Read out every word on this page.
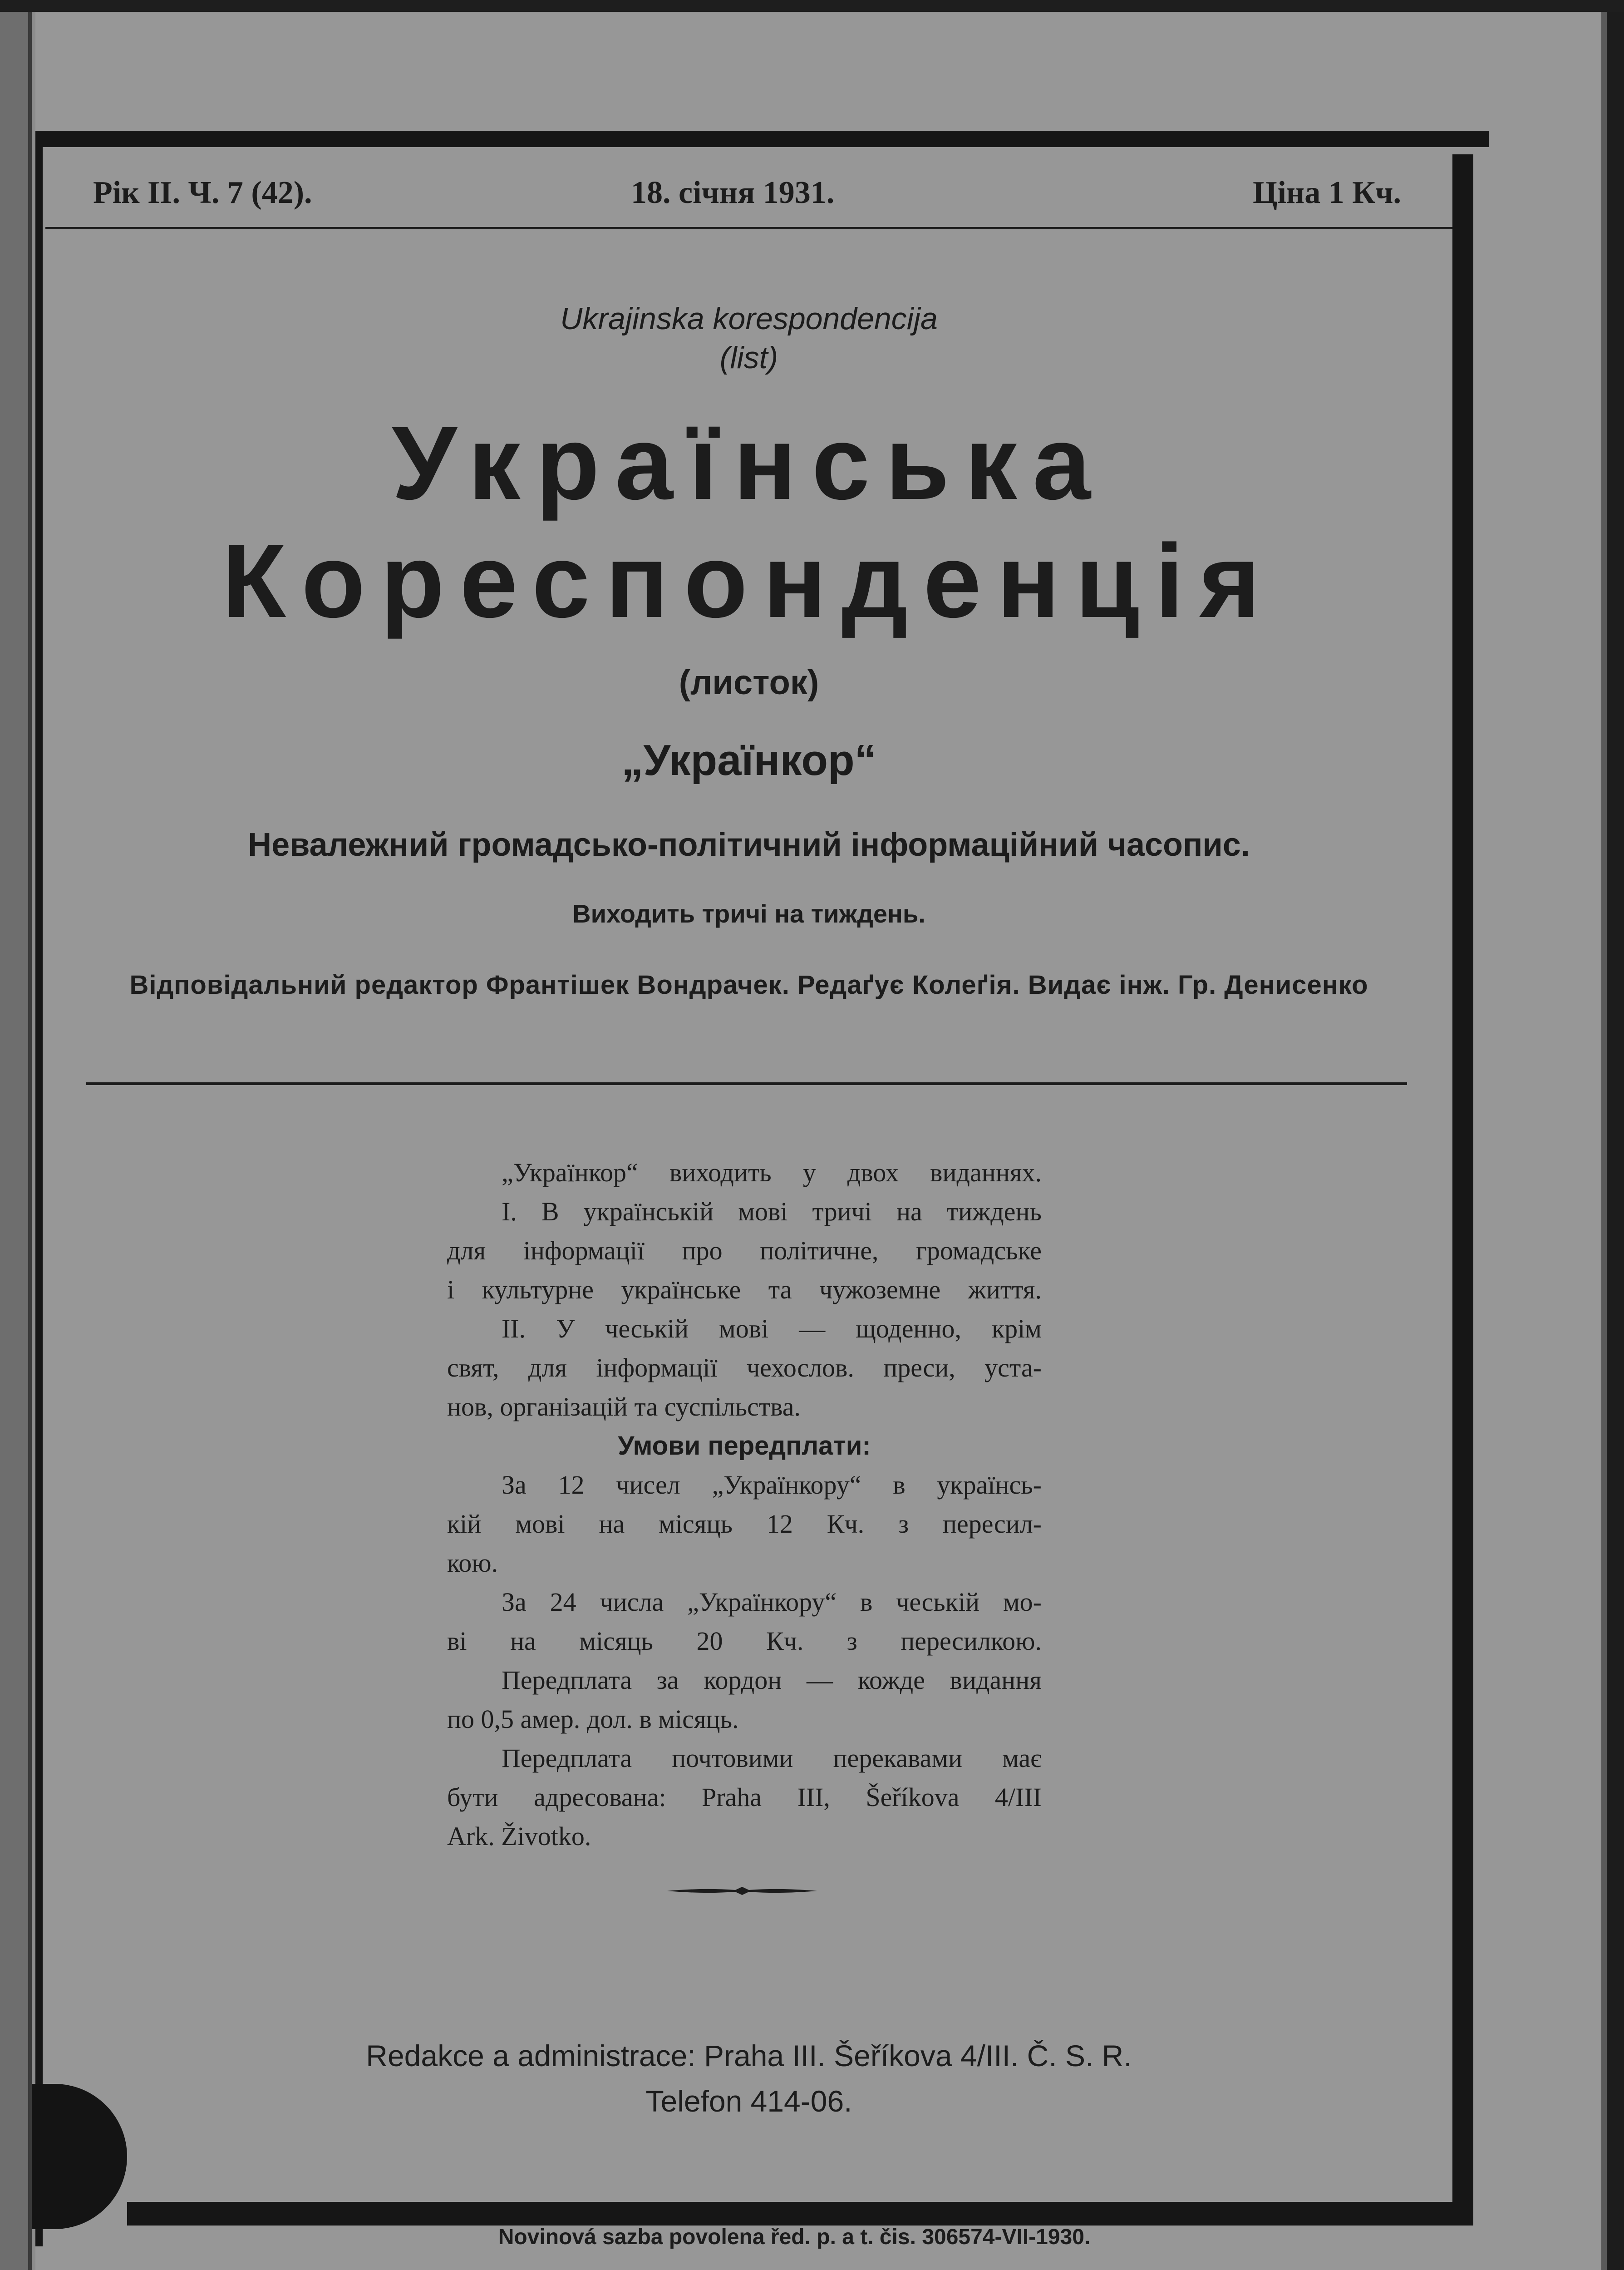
Рік II. Ч. 7 (42).	18. січня 1931.	Ціна 1 Кч.
Ukrajinska korespondencija
(list)
Українська
Кореспонденція
(листок)
„Українкор“
Невалежний громадсько-політичний інформаційний часопис.
Виходить тричі на тиждень.
Відповідальний редактор Франтішек Вондрачек. Редаґує Колеґія. Видає інж. Гр. Денисенко

„Українкор“ виходить у двох виданнях.

I. В українській мові тричі на тиждень

для інформації про політичне, громадське

і культурне українське та чужоземне життя.

II. У чеській мові — щоденно, крім

свят, для інформації чехослов. преси, уста-

нов, організацій та суспільства.

Умови передплати:

За 12 чисел „Українкору“ в українсь-

кій мові на місяць 12 Кч. з пересил-

кою.

За 24 числа „Українкору“ в чеській мо-

ві на місяць 20 Кч. з пересилкою.

Передплата за кордон — кожде видання

по 0,5 амер. дол. в місяць.

Передплата почтовими перекавами має

бути адресована: Praha III, Šeříkova 4/III

Ark. Životko.

Redakce a administrace: Praha III. Šeříkova 4/III. Č. S. R.
Telefon 414-06.
Novinová sazba povolena řed. p. a t. čis. 306574-VII-1930.
